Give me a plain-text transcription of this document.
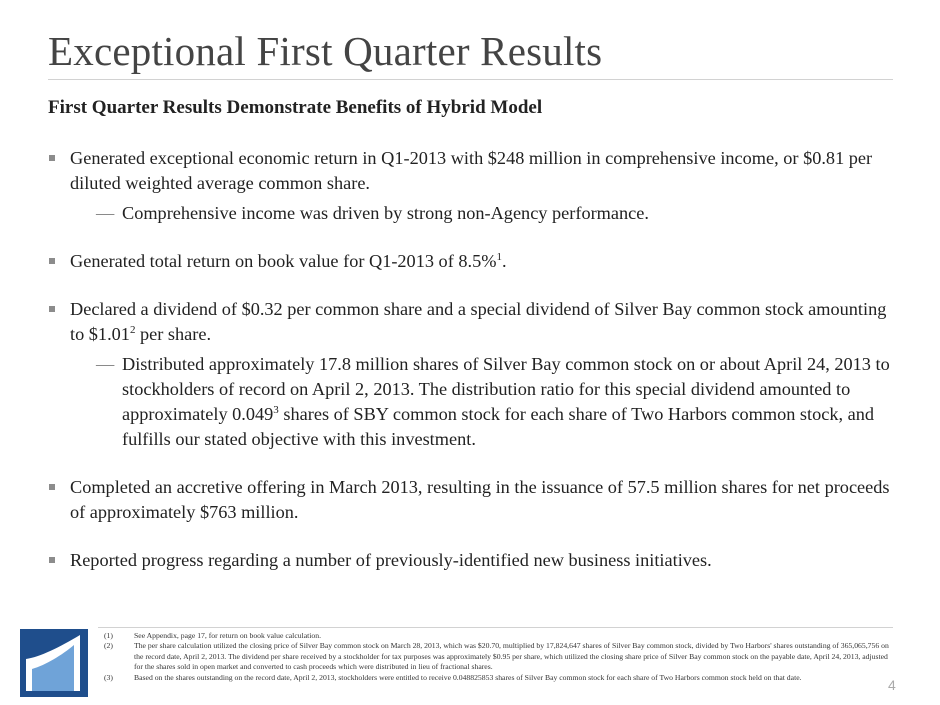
Exceptional First Quarter Results
First Quarter Results Demonstrate Benefits of Hybrid Model
Generated exceptional economic return in Q1-2013 with $248 million in comprehensive income, or $0.81 per diluted weighted average common share.
— Comprehensive income was driven by strong non-Agency performance.
Generated total return on book value for Q1-2013 of 8.5%$^1$.
Declared a dividend of $0.32 per common share and a special dividend of Silver Bay common stock amounting to $1.01$^2$ per share.
— Distributed approximately 17.8 million shares of Silver Bay common stock on or about April 24, 2013 to stockholders of record on April 2, 2013. The distribution ratio for this special dividend amounted to approximately 0.049$^3$ shares of SBY common stock for each share of Two Harbors common stock, and fulfills our stated objective with this investment.
Completed an accretive offering in March 2013, resulting in the issuance of 57.5 million shares for net proceeds of approximately $763 million.
Reported progress regarding a number of previously-identified new business initiatives.
(1)	See Appendix, page 17, for return on book value calculation.
(2)	The per share calculation utilized the closing price of Silver Bay common stock on March 28, 2013, which was $20.70, multiplied by 17,824,647 shares of Silver Bay common stock, divided by Two Harbors' shares outstanding of 365,065,756 on the record date, April 2, 2013. The dividend per share received by a stockholder for tax purposes was approximately $0.95 per share, which utilized the closing share price of Silver Bay common stock on the payable date, April 24, 2013, adjusted for the shares sold in open market and converted to cash proceeds which were distributed in lieu of fractional shares.
(3)	Based on the shares outstanding on the record date, April 2, 2013, stockholders were entitled to receive 0.048825853 shares of Silver Bay common stock for each share of Two Harbors common stock held on that date.	4
